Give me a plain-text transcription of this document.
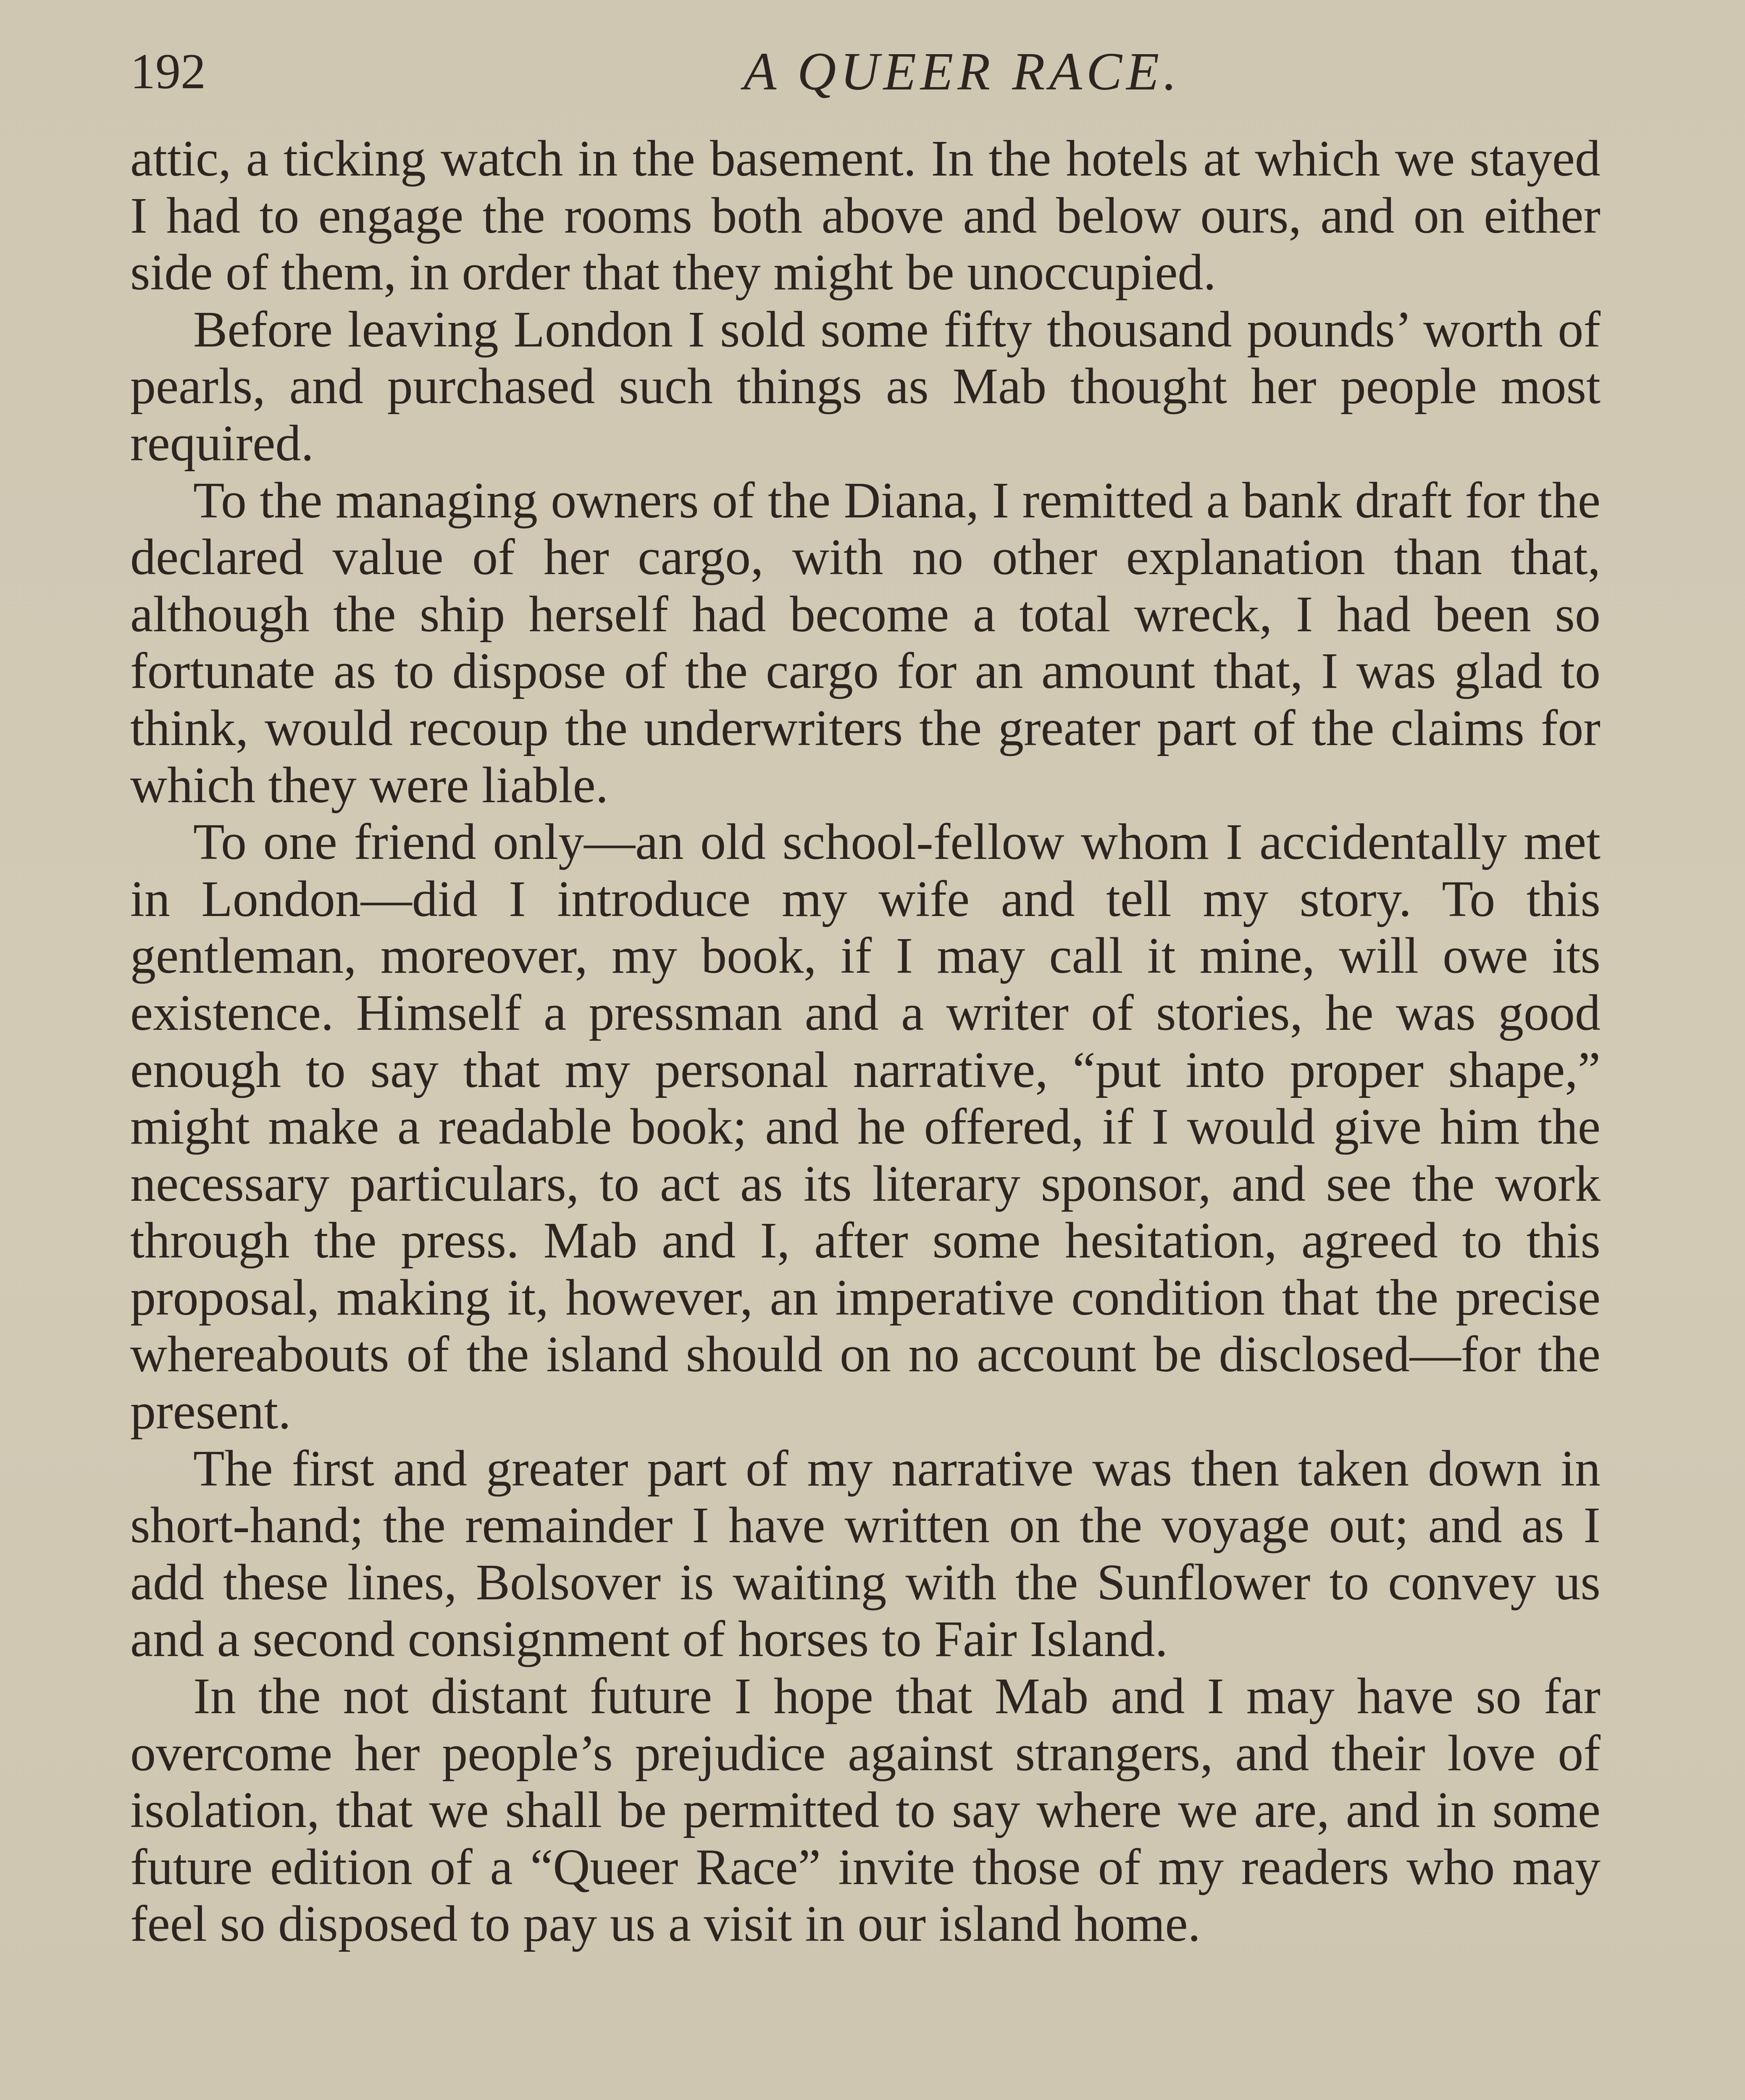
192	A QUEER RACE.

attic, a ticking watch in the basement. In the hotels at which we stayed I had to engage the rooms both above and below ours, and on either side of them, in order that they might be unoccupied.

Before leaving London I sold some fifty thousand pounds’ worth of pearls, and purchased such things as Mab thought her people most required.

To the managing owners of the Diana, I remitted a bank draft for the declared value of her cargo, with no other explanation than that, although the ship herself had become a total wreck, I had been so fortunate as to dispose of the cargo for an amount that, I was glad to think, would recoup the underwriters the greater part of the claims for which they were liable.

To one friend only—an old school-fellow whom I accidentally met in London—did I introduce my wife and tell my story. To this gentleman, moreover, my book, if I may call it mine, will owe its existence. Himself a pressman and a writer of stories, he was good enough to say that my personal narrative, “put into proper shape,” might make a readable book; and he offered, if I would give him the necessary particulars, to act as its literary sponsor, and see the work through the press. Mab and I, after some hesitation, agreed to this proposal, making it, however, an imperative condition that the precise whereabouts of the island should on no account be disclosed—for the present.

The first and greater part of my narrative was then taken down in short-hand; the remainder I have written on the voyage out; and as I add these lines, Bolsover is waiting with the Sunflower to convey us and a second consignment of horses to Fair Island.

In the not distant future I hope that Mab and I may have so far overcome her people’s prejudice against strangers, and their love of isolation, that we shall be permitted to say where we are, and in some future edition of a “Queer Race” invite those of my readers who may feel so disposed to pay us a visit in our island home.
